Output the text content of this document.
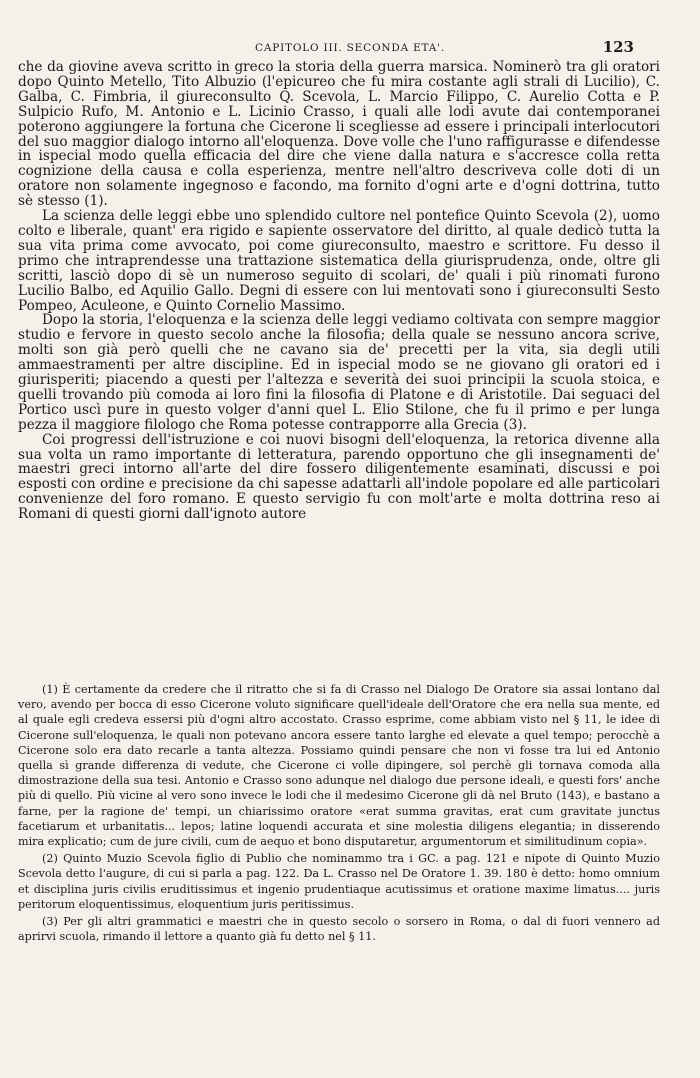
CAPITOLO III. SECONDA ETA'.	123

che da giovine aveva scritto in greco la storia della guerra marsica. Nominerò tra gli oratori dopo Quinto Metello, Tito Albuzio (l'epicureo che fu mira costante agli strali di Lucilio), C. Galba, C. Fimbria, il giureconsulto Q. Scevola, L. Marcio Filippo, C. Aurelio Cotta e P. Sulpicio Rufo, M. Antonio e L. Licinio Crasso, i quali alle lodi avute dai contemporanei poterono aggiungere la fortuna che Cicerone li scegliesse ad essere i principali interlocutori del suo maggior dialogo intorno all'eloquenza. Dove volle che l'uno raffigurasse e difendesse in ispecial modo quella efficacia del dire che viene dalla natura e s'accresce colla retta cognizione della causa e colla esperienza, mentre nell'altro descriveva colle doti di un oratore non solamente ingegnoso e facondo, ma fornito d'ogni arte e d'ogni dottrina, tutto sè stesso (1).

La scienza delle leggi ebbe uno splendido cultore nel pontefice Quinto Scevola (2), uomo colto e liberale, quant' era rigido e sapiente osservatore del diritto, al quale dedicò tutta la sua vita prima come avvocato, poi come giureconsulto, maestro e scrittore. Fu desso il primo che intraprendesse una trattazione sistematica della giurisprudenza, onde, oltre gli scritti, lasciò dopo di sè un numeroso seguito di scolari, de' quali i più rinomati furono Lucilio Balbo, ed Aquilio Gallo. Degni di essere con lui mentovati sono i giureconsulti Sesto Pompeo, Aculeone, e Quinto Cornelio Massimo.

Dopo la storia, l'eloquenza e la scienza delle leggi vediamo coltivata con sempre maggior studio e fervore in questo secolo anche la filosofia; della quale se nessuno ancora scrive, molti son già però quelli che ne cavano sia de' precetti per la vita, sia degli utili ammaestramenti per altre discipline. Ed in ispecial modo se ne giovano gli oratori ed i giurisperiti; piacendo a questi per l'altezza e severità dei suoi principii la scuola stoica, e quelli trovando più comoda ai loro fini la filosofia di Platone e di Aristotile. Dai seguaci del Portico uscì pure in questo volger d'anni quel L. Elio Stilone, che fu il primo e per lunga pezza il maggiore filologo che Roma potesse contrapporre alla Grecia (3).

Coi progressi dell'istruzione e coi nuovi bisogni dell'eloquenza, la retorica divenne alla sua volta un ramo importante di letteratura, parendo opportuno che gli insegnamenti de' maestri greci intorno all'arte del dire fossero diligentemente esaminati, discussi e poi esposti con ordine e precisione da chi sapesse adattarli all'indole popolare ed alle particolari convenienze del foro romano. E questo servigio fu con molt'arte e molta dottrina reso ai Romani di questi giorni dall'ignoto autore

(1) È certamente da credere che il ritratto che si fa di Crasso nel Dialogo De Oratore sia assai lontano dal vero, avendo per bocca di esso Cicerone voluto significare quell'ideale dell'Oratore che era nella sua mente, ed al quale egli credeva essersi più d'ogni altro accostato. Crasso esprime, come abbiam visto nel § 11, le idee di Cicerone sull'eloquenza, le quali non potevano ancora essere tanto larghe ed elevate a quel tempo; perocchè a Cicerone solo era dato recarle a tanta altezza. Possiamo quindi pensare che non vi fosse tra lui ed Antonio quella sì grande differenza di vedute, che Cicerone ci volle dipingere, sol perchè gli tornava comoda alla dimostrazione della sua tesi. Antonio e Crasso sono adunque nel dialogo due persone ideali, e questi fors' anche più di quello. Più vicine al vero sono invece le lodi che il medesimo Cicerone gli dà nel Bruto (143), e bastano a farne, per la ragione de' tempi, un chiarissimo oratore «erat summa gravitas, erat cum gravitate junctus facetiarum et urbanitatis... lepos; latine loquendi accurata et sine molestia diligens elegantia; in disserendo mira explicatio; cum de jure civili, cum de aequo et bono disputaretur, argumentorum et similitudinum copia».

(2) Quinto Muzio Scevola figlio di Publio che nominammo tra i GC. a pag. 121 e nipote di Quinto Muzio Scevola detto l'augure, di cui si parla a pag. 122. Da L. Crasso nel De Oratore 1. 39. 180 è detto: homo omnium et disciplina juris civilis eruditissimus et ingenio prudentiaque acutissimus et oratione maxime limatus.... juris peritorum eloquentissimus, eloquentium juris peritissimus.

(3) Per gli altri grammatici e maestri che in questo secolo o sorsero in Roma, o dal di fuori vennero ad aprirvi scuola, rimando il lettore a quanto già fu detto nel § 11.
